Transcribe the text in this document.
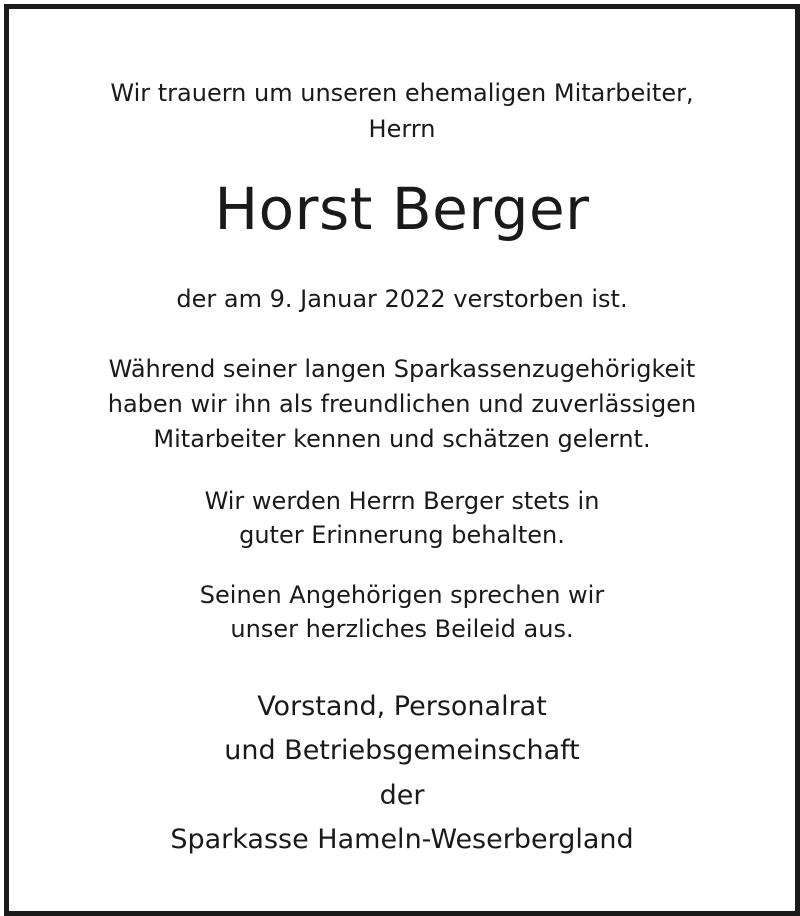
Wir trauern um unseren ehemaligen Mitarbeiter,
Herrn
Horst Berger
der am 9. Januar 2022 verstorben ist.
Während seiner langen Sparkassenzugehörigkeit
haben wir ihn als freundlichen und zuverlässigen
Mitarbeiter kennen und schätzen gelernt.
Wir werden Herrn Berger stets in
guter Erinnerung behalten.
Seinen Angehörigen sprechen wir
unser herzliches Beileid aus.
Vorstand, Personalrat
und Betriebsgemeinschaft
der
Sparkasse Hameln-Weserbergland
